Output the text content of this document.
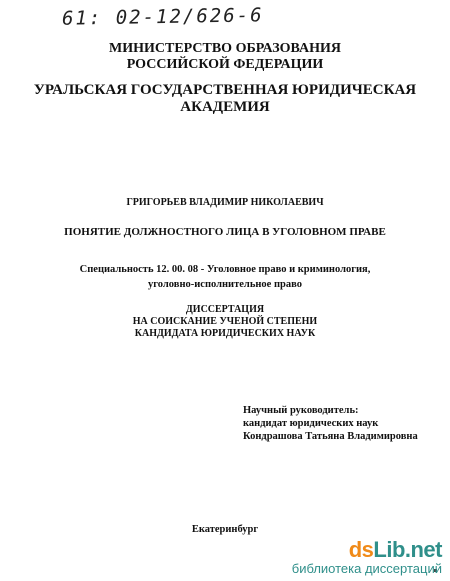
61: 02-12/626-6
МИНИСТЕРСТВО ОБРАЗОВАНИЯ
РОССИЙСКОЙ ФЕДЕРАЦИИ
УРАЛЬСКАЯ ГОСУДАРСТВЕННАЯ ЮРИДИЧЕСКАЯ
АКАДЕМИЯ
ГРИГОРЬЕВ ВЛАДИМИР НИКОЛАЕВИЧ
ПОНЯТИЕ ДОЛЖНОСТНОГО ЛИЦА В УГОЛОВНОМ ПРАВЕ
Специальность 12. 00. 08 - Уголовное право и криминология,
уголовно-исполнительное право
ДИССЕРТАЦИЯ
НА СОИСКАНИЕ УЧЕНОЙ СТЕПЕНИ
КАНДИДАТА ЮРИДИЧЕСКИХ НАУК
Научный руководитель:
кандидат юридических наук
Кондрашова Татьяна Владимировна
Екатеринбург
dsLib.net
библиотека диссертаций
